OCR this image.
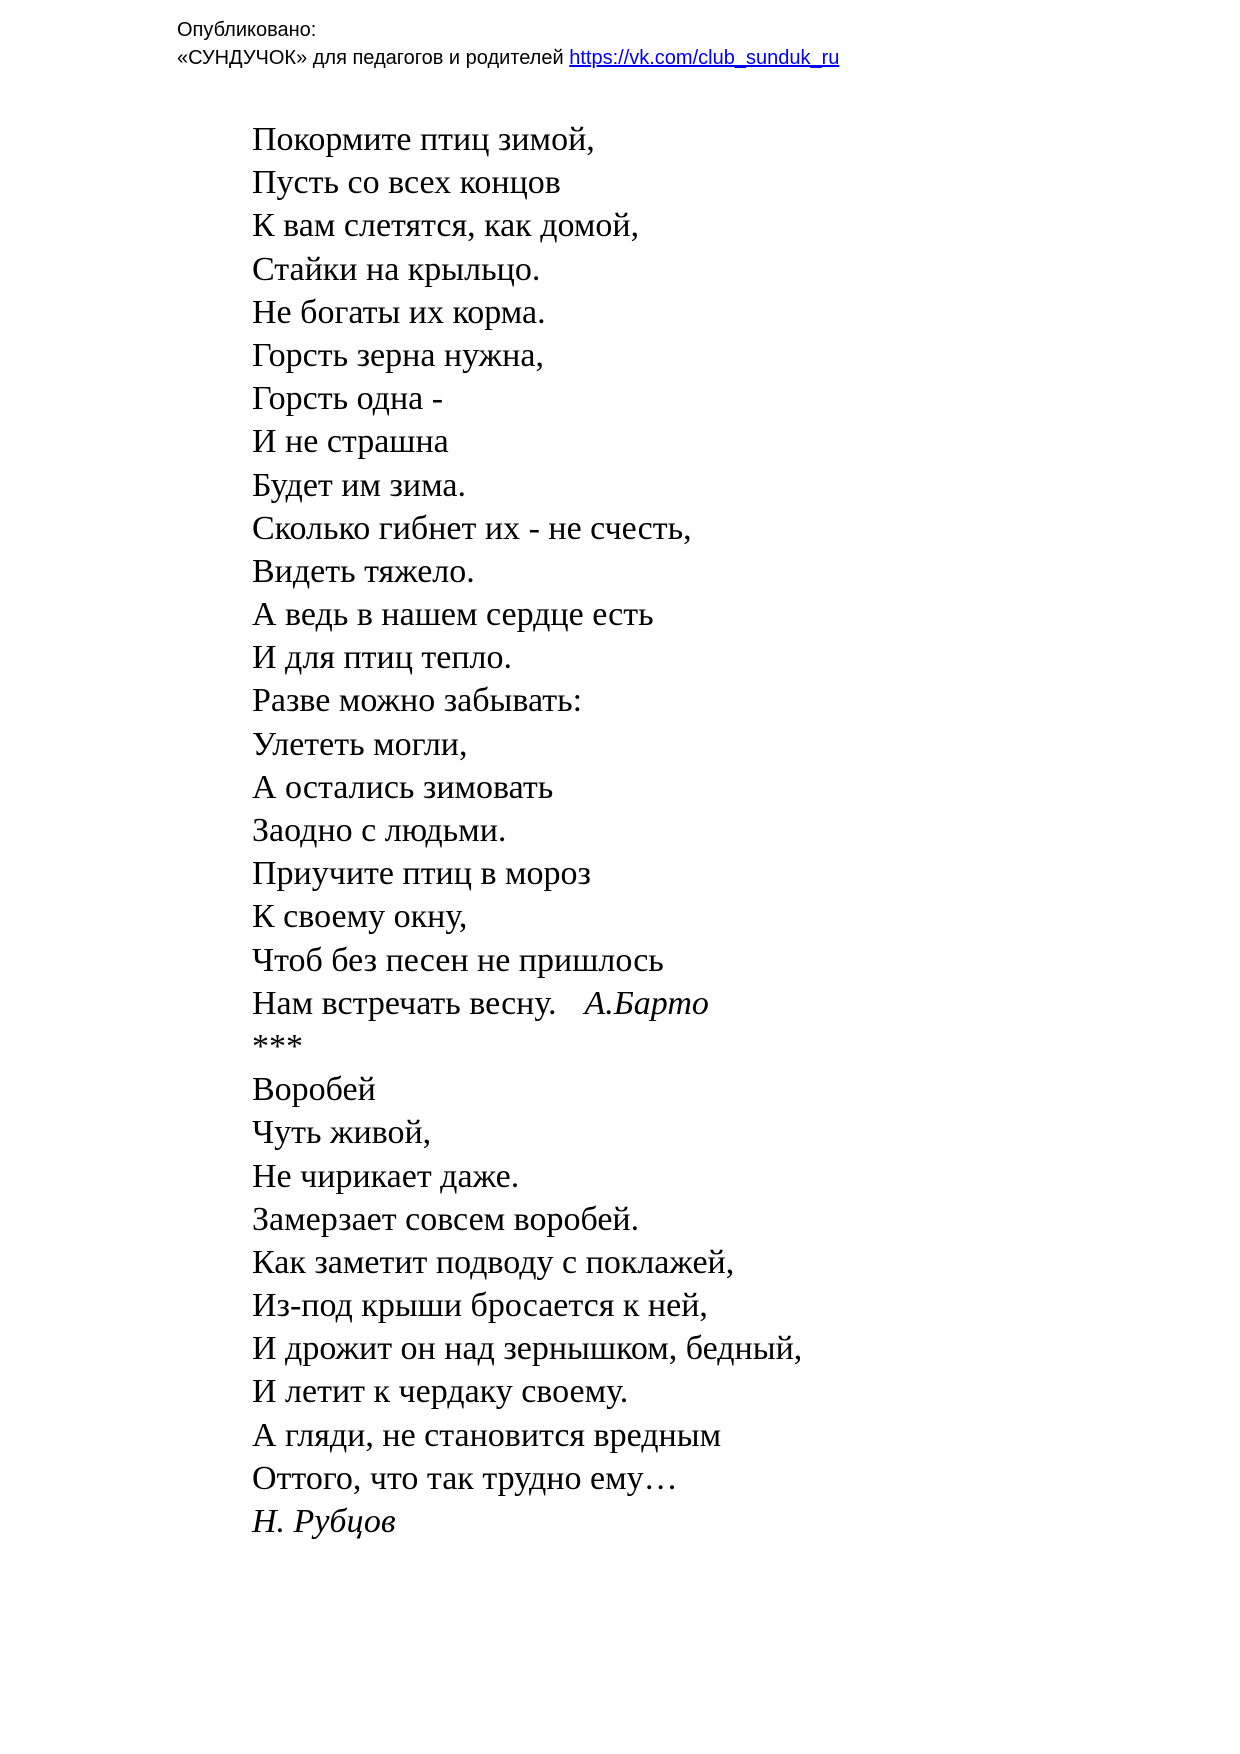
Опубликовано:
«СУНДУЧОК» для педагогов и родителей https://vk.com/club_sunduk_ru
Покормите птиц зимой,
Пусть со всех концов
К вам слетятся, как домой,
Стайки на крыльцо.
Не богаты их корма.
Горсть зерна нужна,
Горсть одна -
И не страшна
Будет им зима.
Сколько гибнет их - не счесть,
Видеть тяжело.
А ведь в нашем сердце есть
И для птиц тепло.
Разве можно забывать:
Улететь могли,
А остались зимовать
Заодно с людьми.
Приучите птиц в мороз
К своему окну,
Чтоб без песен не пришлось
Нам встречать весну. А.Барто
***
Воробей
Чуть живой,
Не чирикает даже.
Замерзает совсем воробей.
Как заметит подводу с поклажей,
Из-под крыши бросается к ней,
И дрожит он над зернышком, бедный,
И летит к чердаку своему.
А гляди, не становится вредным
Оттого, что так трудно ему…
Н. Рубцов
